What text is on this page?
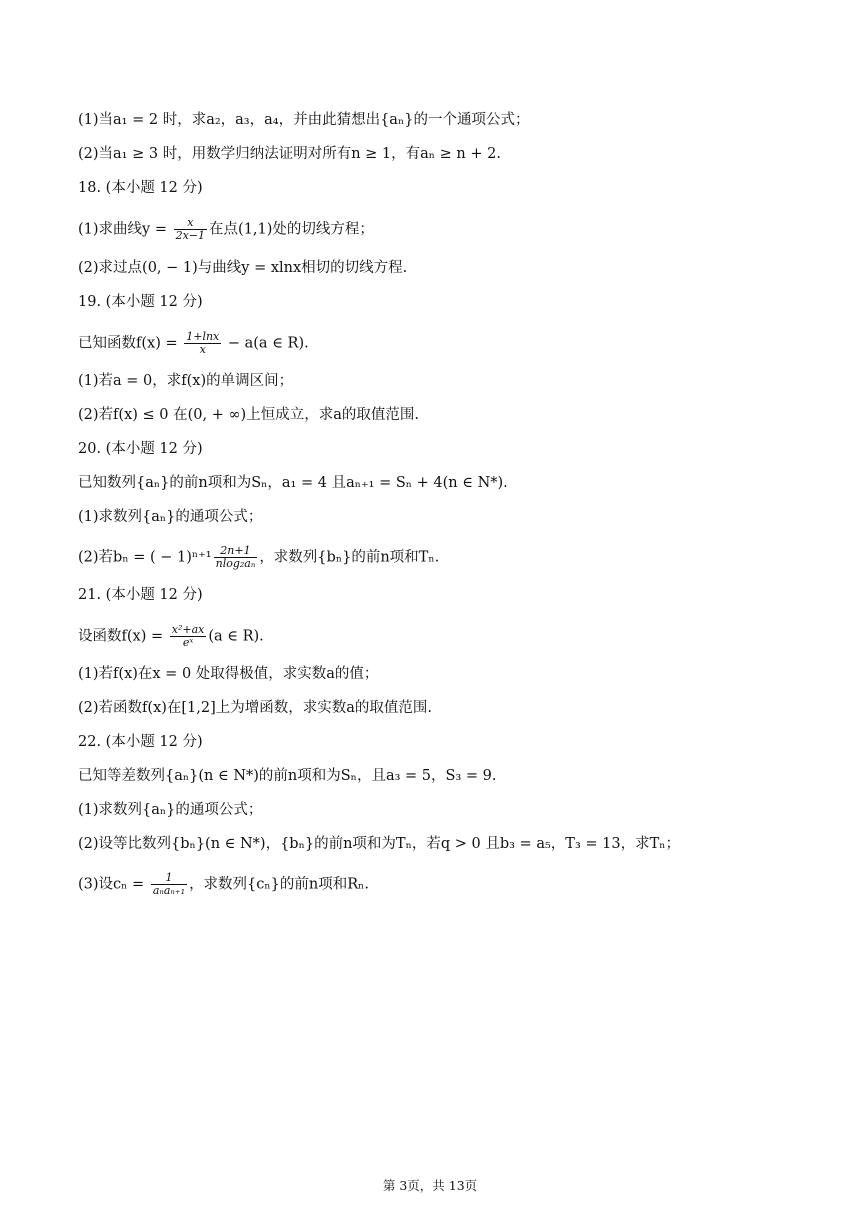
(1)当a₁ = 2 时，求a₂，a₃，a₄，并由此猜想出{aₙ}的一个通项公式；
(2)当a₁ ≥ 3 时，用数学归纳法证明对所有n ≥ 1，有aₙ ≥ n + 2.
18. (本小题 12 分)
(1)求曲线$y = \frac{x}{2x-1}$ 在点(1,1)处的切线方程；
(2)求过点(0, − 1)与曲线y = xlnx相切的切线方程.
19. (本小题 12 分)
已知函数$f(x) = \frac{1+\ln x}{x} - a(a$ ∈ R).
(1)若a = 0，求f(x)的单调区间；
(2)若f(x) ≤ 0 在(0, + ∞)上恒成立，求a的取值范围.
20. (本小题 12 分)
已知数列{aₙ}的前n项和为Sₙ，a₁ = 4 且aₙ₊₁ = Sₙ + 4(n ∈ N*).
(1)求数列{aₙ}的通项公式；
(2)若bₙ = ( − $1)^{n+1} \frac{2n+1}{\text{nlog₂aₙ}}$ ，求数列{bₙ}的前n项和Tₙ.
21. (本小题 12 分)
设函数$f(x) = \frac{\text{x²+ax}}{\text{eˣ}} (a$ ∈ R).
(1)若f(x)在x = 0 处取得极值，求实数a的值；
(2)若函数f(x)在[1,2]上为增函数，求实数a的取值范围.
22. (本小题 12 分)
已知等差数列{aₙ}(n ∈ N*)的前n项和为Sₙ，且a₃ = 5，S₃ = 9.
(1)求数列{aₙ}的通项公式；
(2)设等比数列{bₙ}(n ∈ N*)，{bₙ}的前n项和为Tₙ，若q > 0 且b₃ = a₅，T₃ = 13，求Tₙ；
(3)设$c_n = \frac{1}{\text{aₙaₙ₊₁}}$ ，求数列{cₙ}的前n项和Rₙ.
第 3页，共 13页
